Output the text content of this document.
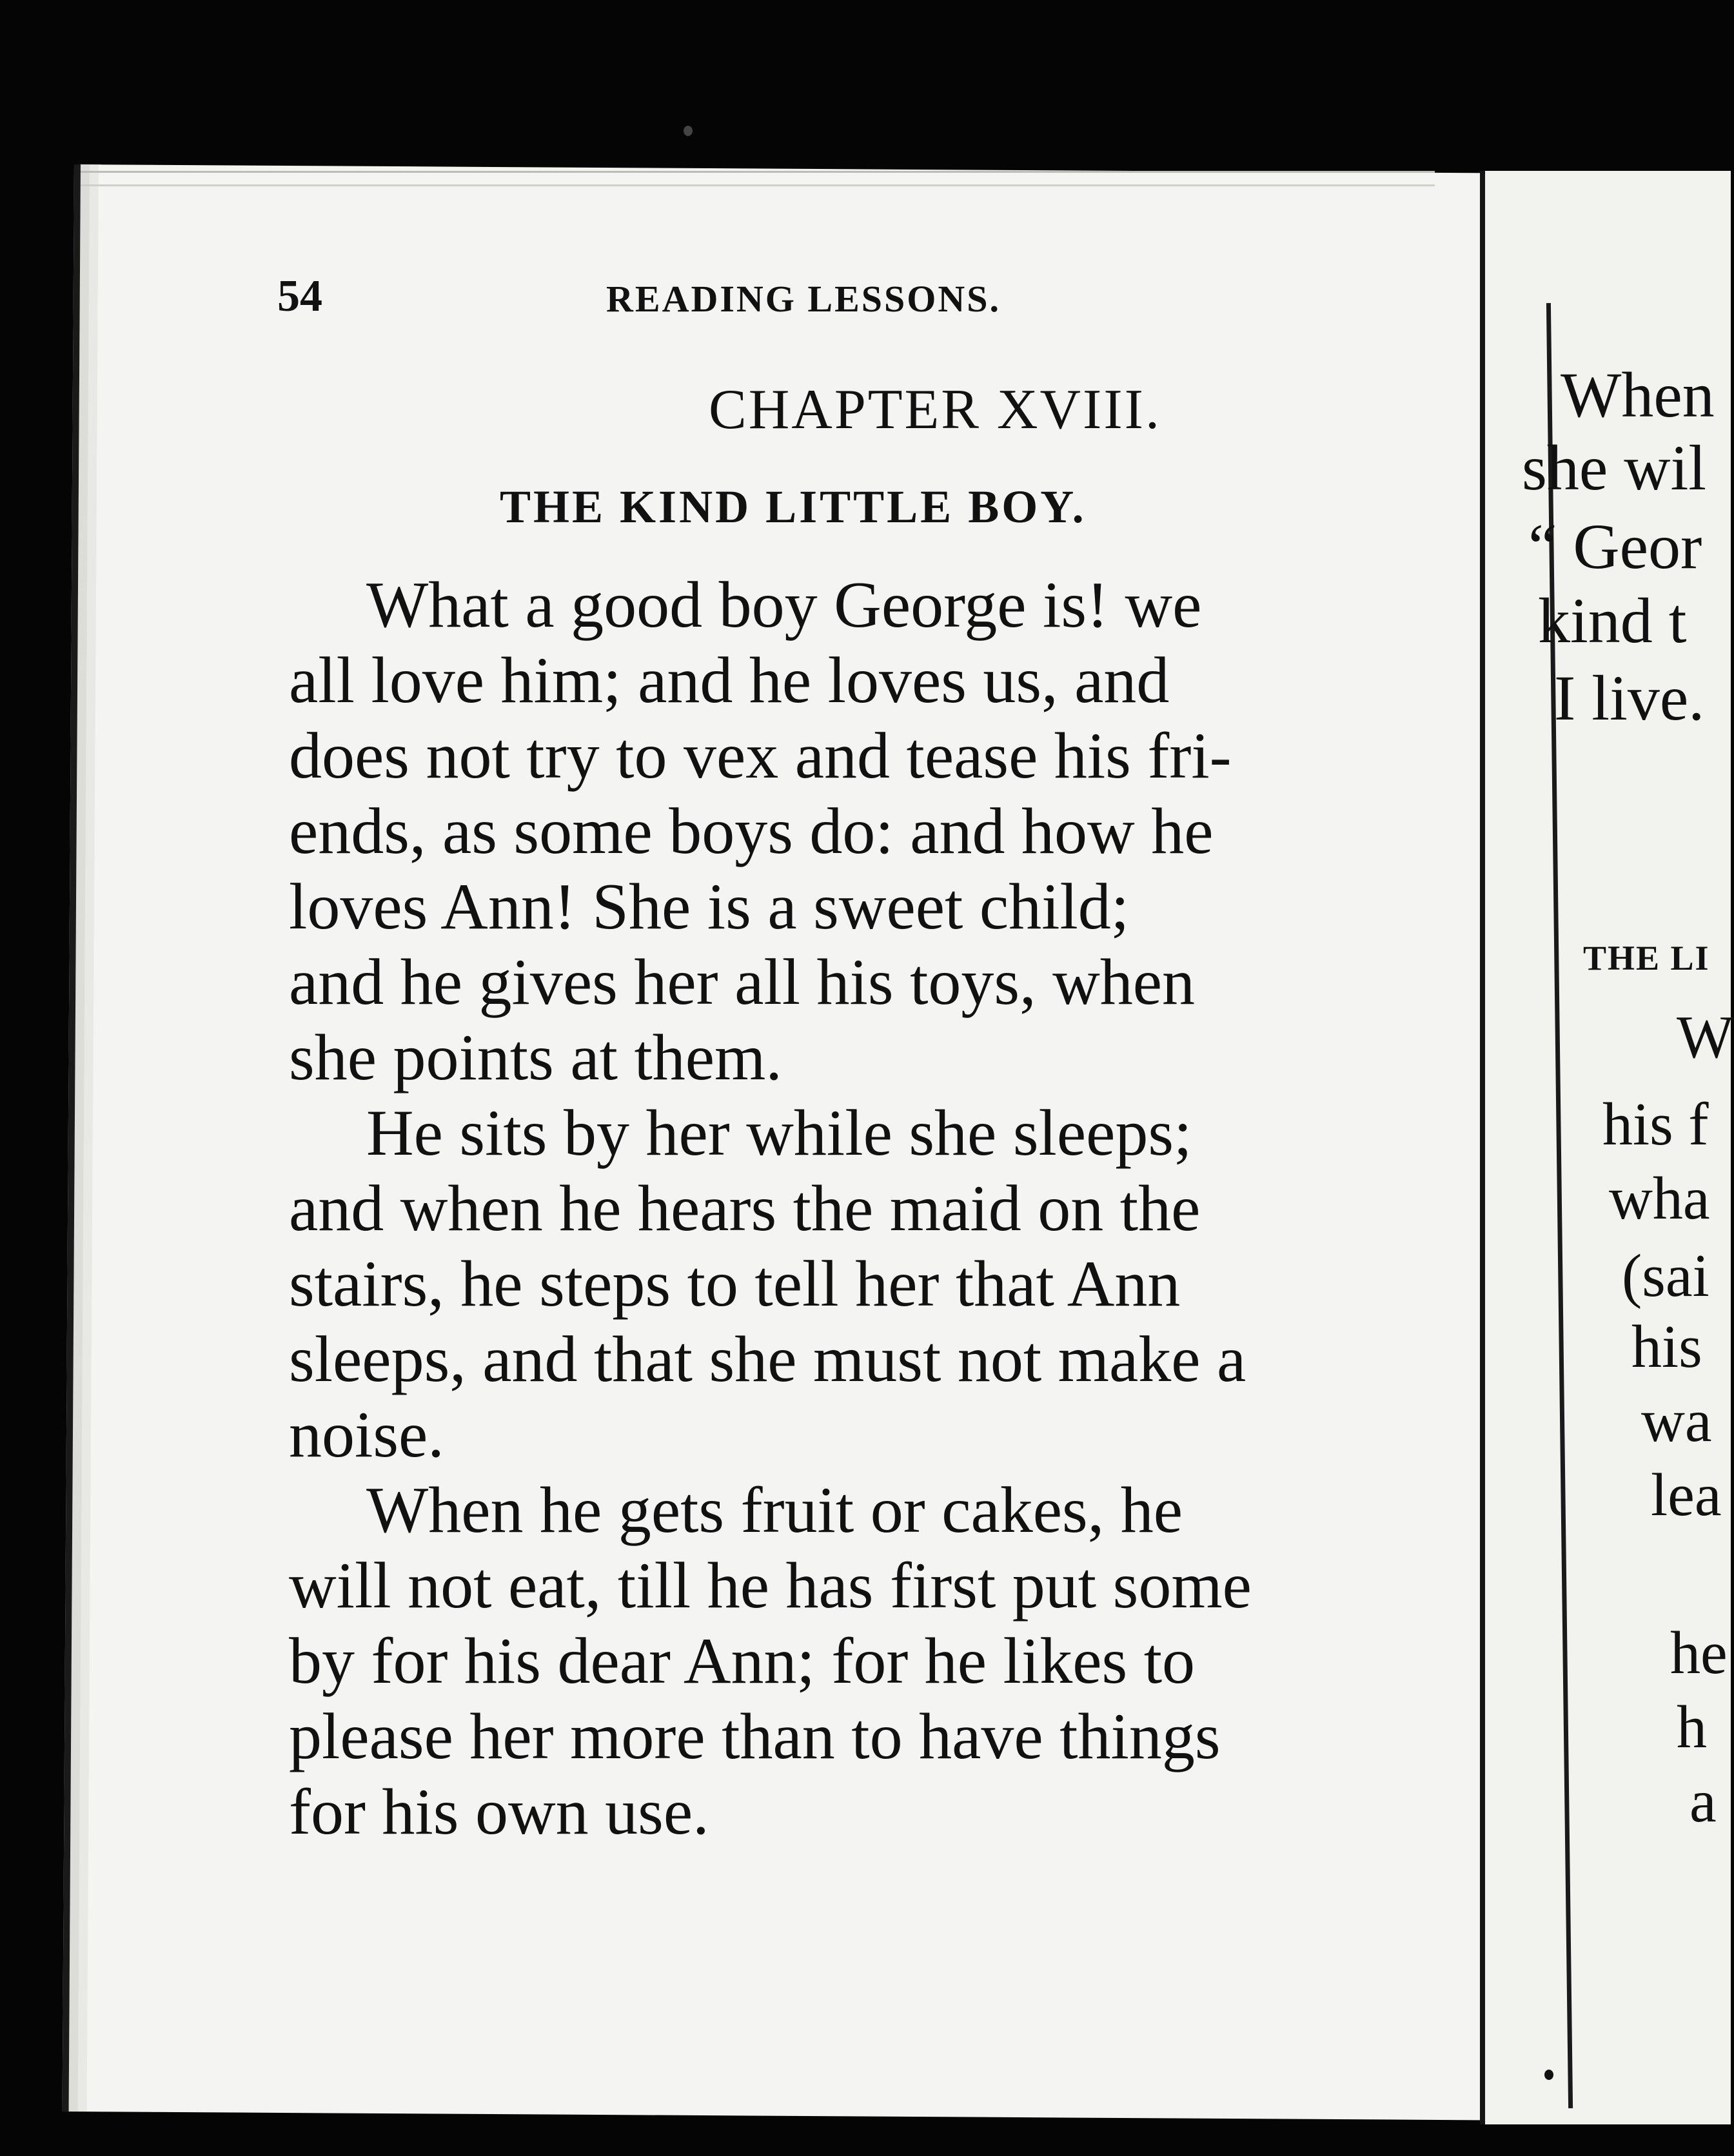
54	READING LESSONS.
CHAPTER XVIII.
THE KIND LITTLE BOY.

What a good boy George is! we
all love him; and he loves us, and
does not try to vex and tease his fri-
ends, as some boys do: and how he
loves Ann! She is a sweet child;
and he gives her all his toys, when
she points at them.

He sits by her while she sleeps;
and when he hears the maid on the
stairs, he steps to tell her that Ann
sleeps, and that she must not make a
noise.

When he gets fruit or cakes, he
will not eat, till he has first put some
by for his dear Ann; for he likes to
please her more than to have things
for his own use.

When
she wil
“ Geor
kind t
I live.
THE LI
W
his f
wha
(sai
his
wa
lea
he
h
a
